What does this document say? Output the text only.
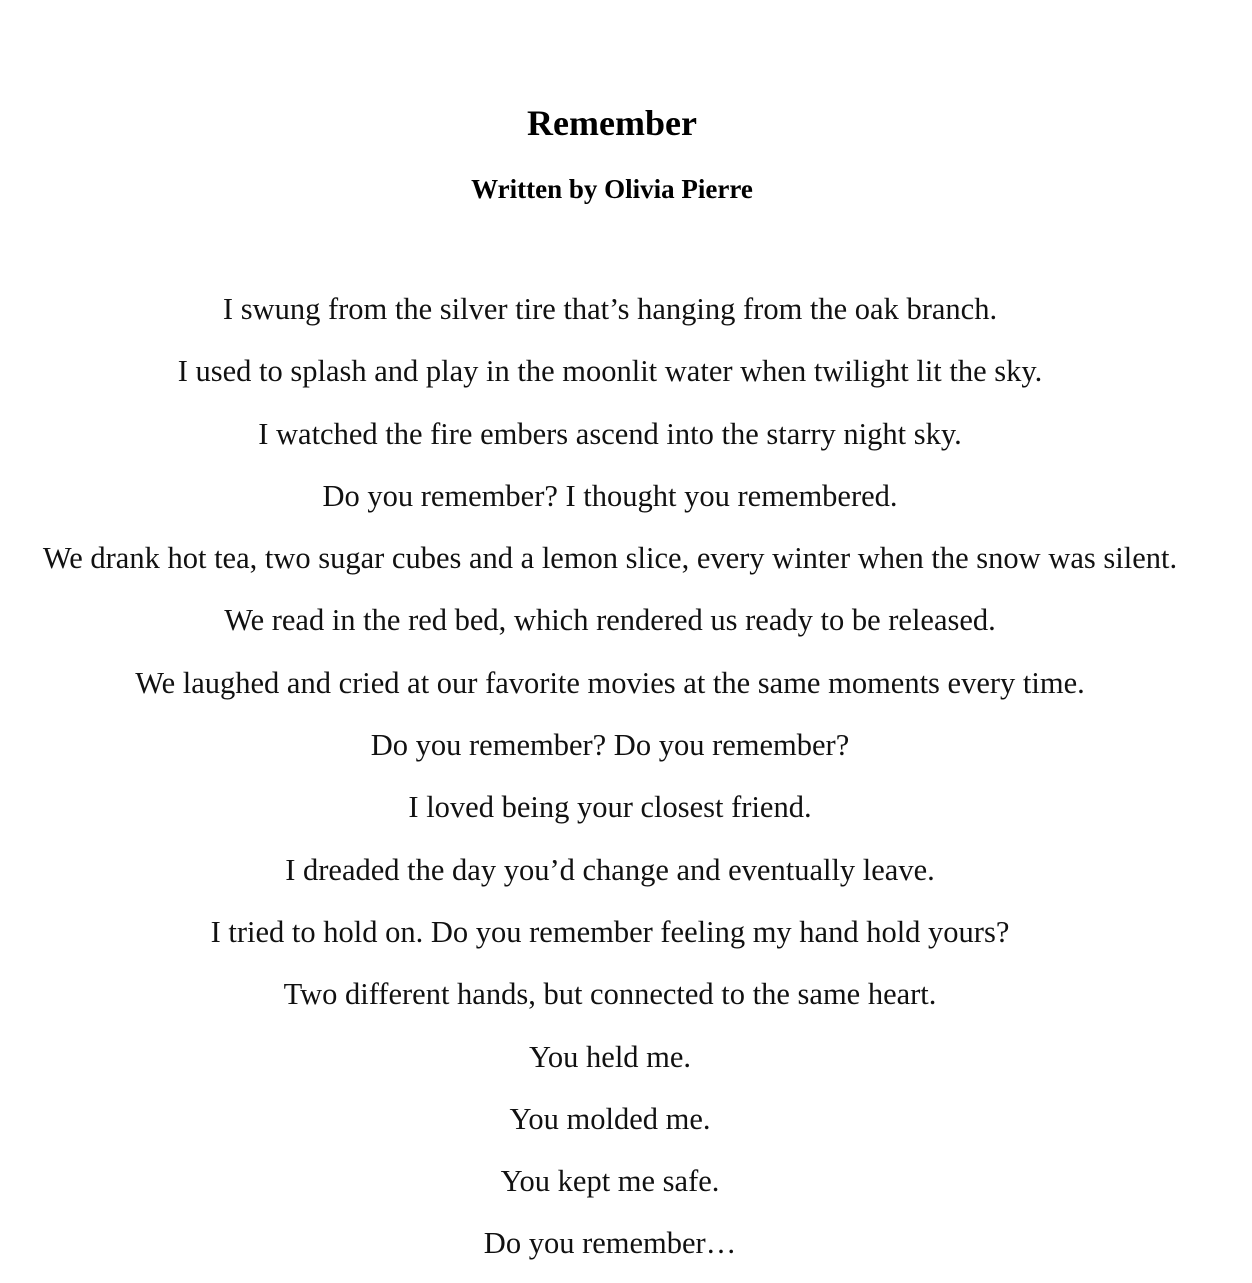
Remember
Written by Olivia Pierre
I swung from the silver tire that’s hanging from the oak branch.
I used to splash and play in the moonlit water when twilight lit the sky.
I watched the fire embers ascend into the starry night sky.
Do you remember? I thought you remembered.
We drank hot tea, two sugar cubes and a lemon slice, every winter when the snow was silent.
We read in the red bed, which rendered us ready to be released.
We laughed and cried at our favorite movies at the same moments every time.
Do you remember? Do you remember?
I loved being your closest friend.
I dreaded the day you’d change and eventually leave.
I tried to hold on. Do you remember feeling my hand hold yours?
Two different hands, but connected to the same heart.
You held me.
You molded me.
You kept me safe.
Do you remember…
